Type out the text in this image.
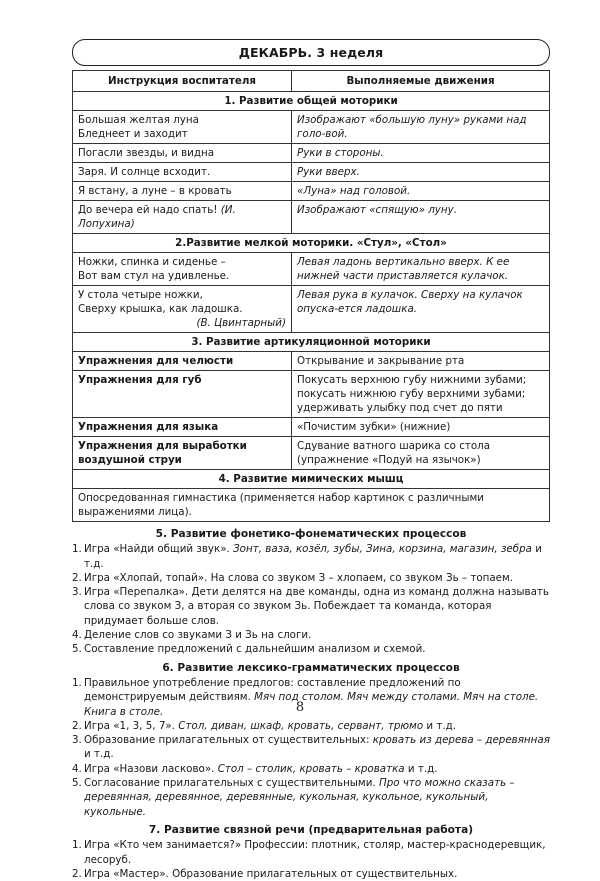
ДЕКАБРЬ. 3 неделя
Инструкция воспитателя	Выполняемые движения
1. Развитие общей моторики	

Большая желтая луна
Бледнеет и заходит	Изображают «большую луну» руками над голо-вой.
Погасли звезды, и видна	Руки в стороны.
Заря. И солнце всходит.	Руки вверх.
Я встану, а луне – в кровать	«Луна» над головой.
До вечера ей надо спать! (И. Лопухина)	Изображают «спящую» луну.
2.Развитие мелкой моторики. «Стул», «Стол»	

Ножки, спинка и сиденье –
Вот вам стул на удивленье.	Левая ладонь вертикально вверх. К ее нижней части приставляется кулачок.

У стола четыре ножки,
Сверху крышка, как ладошка.
(В. Цвинтарный)	Левая рука в кулачок. Сверху на кулачок опуска-ется ладошка.
3. Развитие артикуляционной моторики	
Упражнения для челюсти	Открывание и закрывание рта
Упражнения для губ	Покусать верхнюю губу нижними зубами; покусать нижнюю губу верхними зубами; удерживать улыбку под счет до пяти
Упражнения для языка	«Почистим зубки» (нижние)
Упражнения для выработки воздушной струи	Сдувание ватного шарика со стола (упражнение «Подуй на язычок»)
4. Развитие мимических мышц	
Опосредованная гимнастика (применяется набор картинок с различными выражениями лица).	
5. Развитие фонетико-фонематических процессов
1. Игра «Найди общий звук». Зонт, ваза, козёл, зубы, Зина, корзина, магазин, зебра и т.д.
2. Игра «Хлопай, топай». На слова со звуком З – хлопаем, со звуком Зь – топаем.
3. Игра «Перепалка». Дети делятся на две команды, одна из команд должна называть слова со звуком З, а вторая со звуком Зь. Побеждает та команда, которая придумает больше слов.
4. Деление слов со звуками З и Зь на слоги.
5. Составление предложений с дальнейшим анализом и схемой.
6. Развитие лексико-грамматических процессов
1. Правильное употребление предлогов: составление предложений по демонстрируемым действиям. Мяч под столом. Мяч между столами. Мяч на столе. Книга в столе.
2. Игра «1, 3, 5, 7». Стол, диван, шкаф, кровать, сервант, трюмо и т.д.
3. Образование прилагательных от существительных: кровать из дерева – деревянная и т.д.
4. Игра «Назови ласково». Стол – столик, кровать – кроватка и т.д.
5. Согласование прилагательных с существительными. Про что можно сказать – деревянная, деревянное, деревянные, кукольная, кукольное, кукольный, кукольные.
7. Развитие связной речи (предварительная работа)
1. Игра «Кто чем занимается?» Профессии: плотник, столяр, мастер-краснодеревщик, лесоруб.
2. Игра «Мастер». Образование прилагательных от существительных.
8
